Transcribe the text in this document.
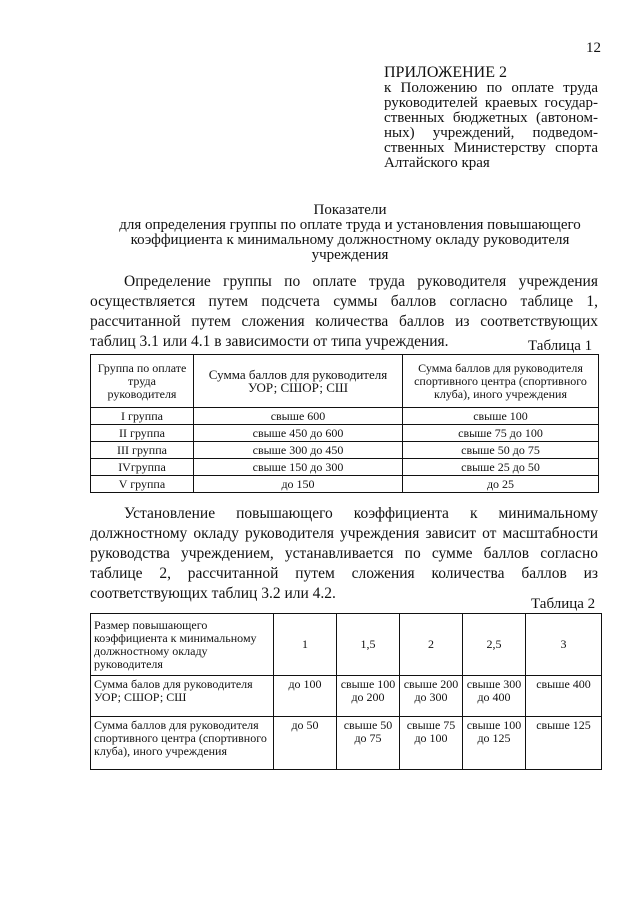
12
ПРИЛОЖЕНИЕ 2
к Положению по оплате труда руководителей краевых государ-ственных бюджетных (автоном-ных) учреждений, подведом-ственных Министерству спорта Алтайского края
Показатели
для определения группы по оплате труда и установления повышающего
коэффициента к минимальному должностному окладу руководителя
учреждения
Определение группы по оплате труда руководителя учреждения
осуществляется путем подсчета суммы баллов согласно таблице 1,
рассчитанной путем сложения количества баллов из соответствующих
таблиц 3.1 или 4.1 в зависимости от типа учреждения.	Таблица 1
Группа по оплате труда руководителя	Сумма баллов для руководителя УОР; СШОР; СШ	Сумма баллов для руководителя спортивного центра (спортивного клуба), иного учреждения
I группа	свыше 600	свыше 100
II группа	свыше 450 до 600	свыше 75 до 100
III группа	свыше 300 до 450	свыше 50 до 75
IVгруппа	свыше 150 до 300	свыше 25 до 50
V группа	до 150	до 25
Установление повышающего коэффициента к минимальному
должностному окладу руководителя учреждения зависит от масштабности
руководства учреждением, устанавливается по сумме баллов согласно
таблице 2, рассчитанной путем сложения количества баллов из
соответствующих таблиц 3.2 или 4.2.
Таблица 2
Размер повышающего коэффициента к минимальному должностному окладу руководителя	1	1,5	2	2,5	3
Сумма балов для руководителя УОР; СШОР; СШ	до 100	свыше 100 до 200	свыше 200 до 300	свыше 300 до 400	свыше 400
Сумма баллов для руководителя спортивного центра (спортивного клуба), иного учреждения	до 50	свыше 50 до 75	свыше 75 до 100	свыше 100 до 125	свыше 125
